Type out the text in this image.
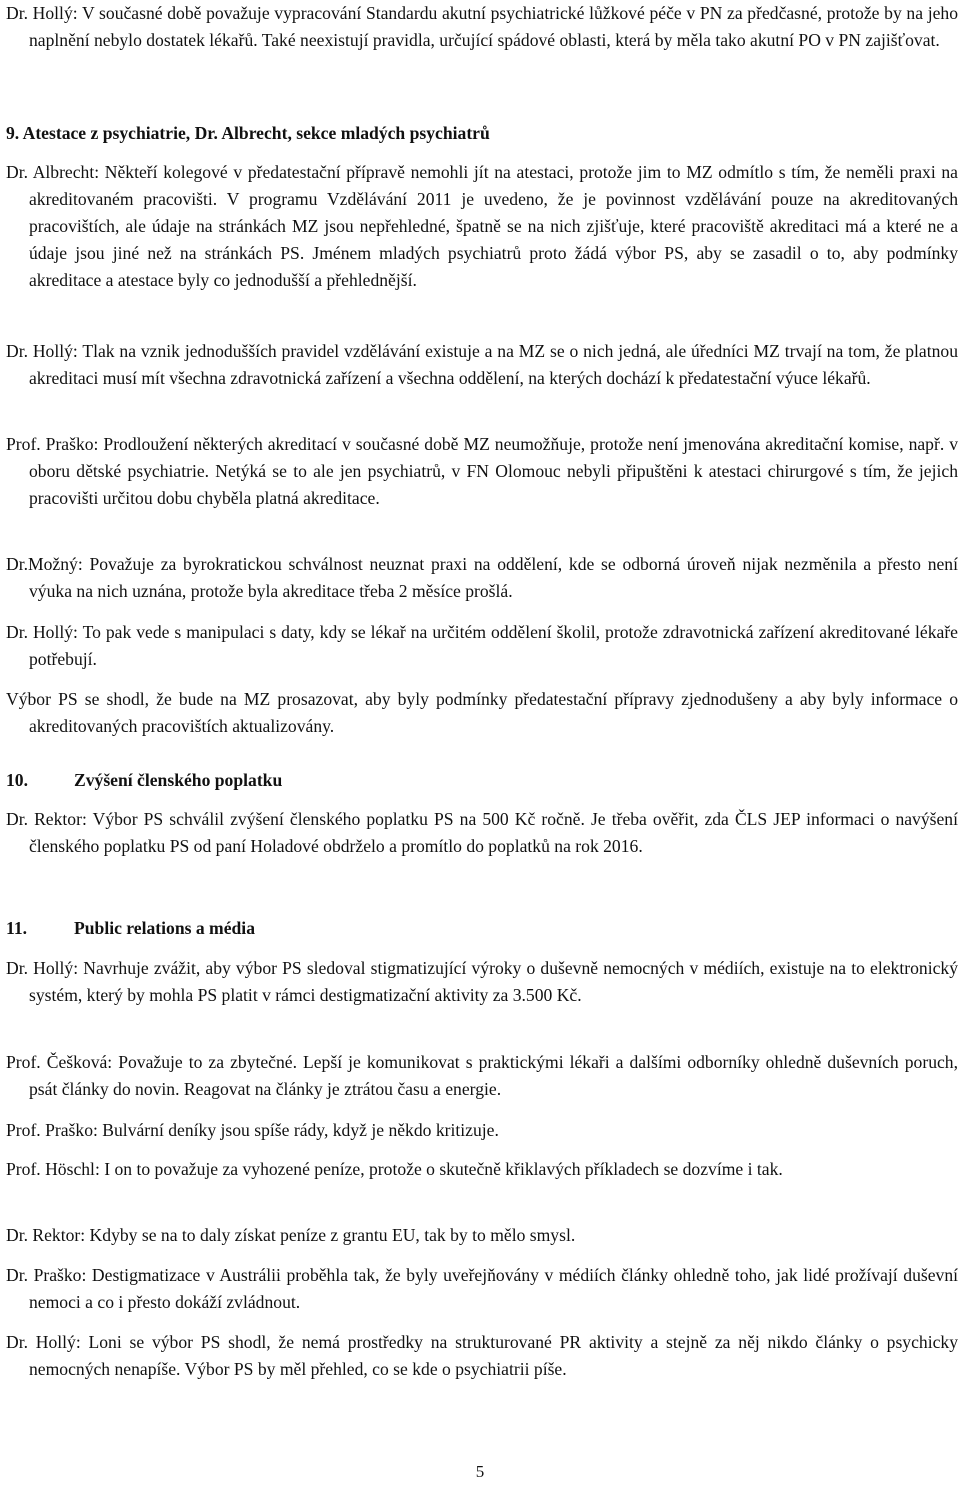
Dr. Hollý: V současné době považuje vypracování Standardu akutní psychiatrické lůžkové péče v PN za předčasné, protože by na jeho naplnění nebylo dostatek lékařů. Také neexistují pravidla, určující spádové oblasti, která by měla tako akutní PO v PN zajišťovat.

9. Atestace z psychiatrie, Dr. Albrecht, sekce mladých psychiatrů

Dr. Albrecht: Někteří kolegové v předatestační přípravě nemohli jít na atestaci, protože jim to MZ odmítlo s tím, že neměli praxi na akreditovaném pracovišti. V programu Vzdělávání 2011 je uvedeno, že je povinnost vzdělávání pouze na akreditovaných pracovištích, ale údaje na stránkách MZ jsou nepřehledné, špatně se na nich zjišťuje, které pracoviště akreditaci má a které ne a údaje jsou jiné než na stránkách PS. Jménem mladých psychiatrů proto žádá výbor PS, aby se zasadil o to, aby podmínky akreditace a atestace byly co jednodušší a přehlednější.

Dr. Hollý: Tlak na vznik jednodušších pravidel vzdělávání existuje a na MZ se o nich jedná, ale úředníci MZ trvají na tom, že platnou akreditaci musí mít všechna zdravotnická zařízení a všechna oddělení, na kterých dochází k předatestační výuce lékařů.

Prof. Praško: Prodloužení některých akreditací v současné době MZ neumožňuje, protože není jmenována akreditační komise, např. v oboru dětské psychiatrie. Netýká se to ale jen psychiatrů, v FN Olomouc nebyli připuštěni k atestaci chirurgové s tím, že jejich pracovišti určitou dobu chyběla platná akreditace.

Dr.Možný: Považuje za byrokratickou schválnost neuznat praxi na oddělení, kde se odborná úroveň nijak nezměnila a přesto není výuka na nich uznána, protože byla akreditace třeba 2 měsíce prošlá.

Dr. Hollý: To pak vede s manipulaci s daty, kdy se lékař na určitém oddělení školil, protože zdravotnická zařízení akreditované lékaře potřebují.

Výbor PS se shodl, že bude na MZ prosazovat, aby byly podmínky předatestační přípravy zjednodušeny a aby byly informace o akreditovaných pracovištích aktualizovány.

10.	Zvýšení členského poplatku

Dr. Rektor: Výbor PS schválil zvýšení členského poplatku PS na 500 Kč ročně. Je třeba ověřit, zda ČLS JEP informaci o navýšení členského poplatku PS od paní Holadové obdrželo a promítlo do poplatků na rok 2016.

11.	Public relations a média

Dr. Hollý: Navrhuje zvážit, aby výbor PS sledoval stigmatizující výroky o duševně nemocných v médiích, existuje na to elektronický systém, který by mohla PS platit v rámci destigmatizační aktivity za 3.500 Kč.

Prof. Češková: Považuje to za zbytečné. Lepší je komunikovat s praktickými lékaři a dalšími odborníky ohledně duševních poruch, psát články do novin. Reagovat na články je ztrátou času a energie.

Prof. Praško: Bulvární deníky jsou spíše rády, když je někdo kritizuje.

Prof. Höschl: I on to považuje za vyhozené peníze, protože o skutečně křiklavých příkladech se dozvíme i tak.

Dr. Rektor: Kdyby se na to daly získat peníze z grantu EU, tak by to mělo smysl.

Dr. Praško: Destigmatizace v Austrálii proběhla tak, že byly uveřejňovány v médiích články ohledně toho, jak lidé prožívají duševní nemoci a co i přesto dokáží zvládnout.

Dr. Hollý: Loni se výbor PS shodl, že nemá prostředky na strukturované PR aktivity a stejně za něj nikdo články o psychicky nemocných nenapíše. Výbor PS by měl přehled, co se kde o psychiatrii píše.

5
